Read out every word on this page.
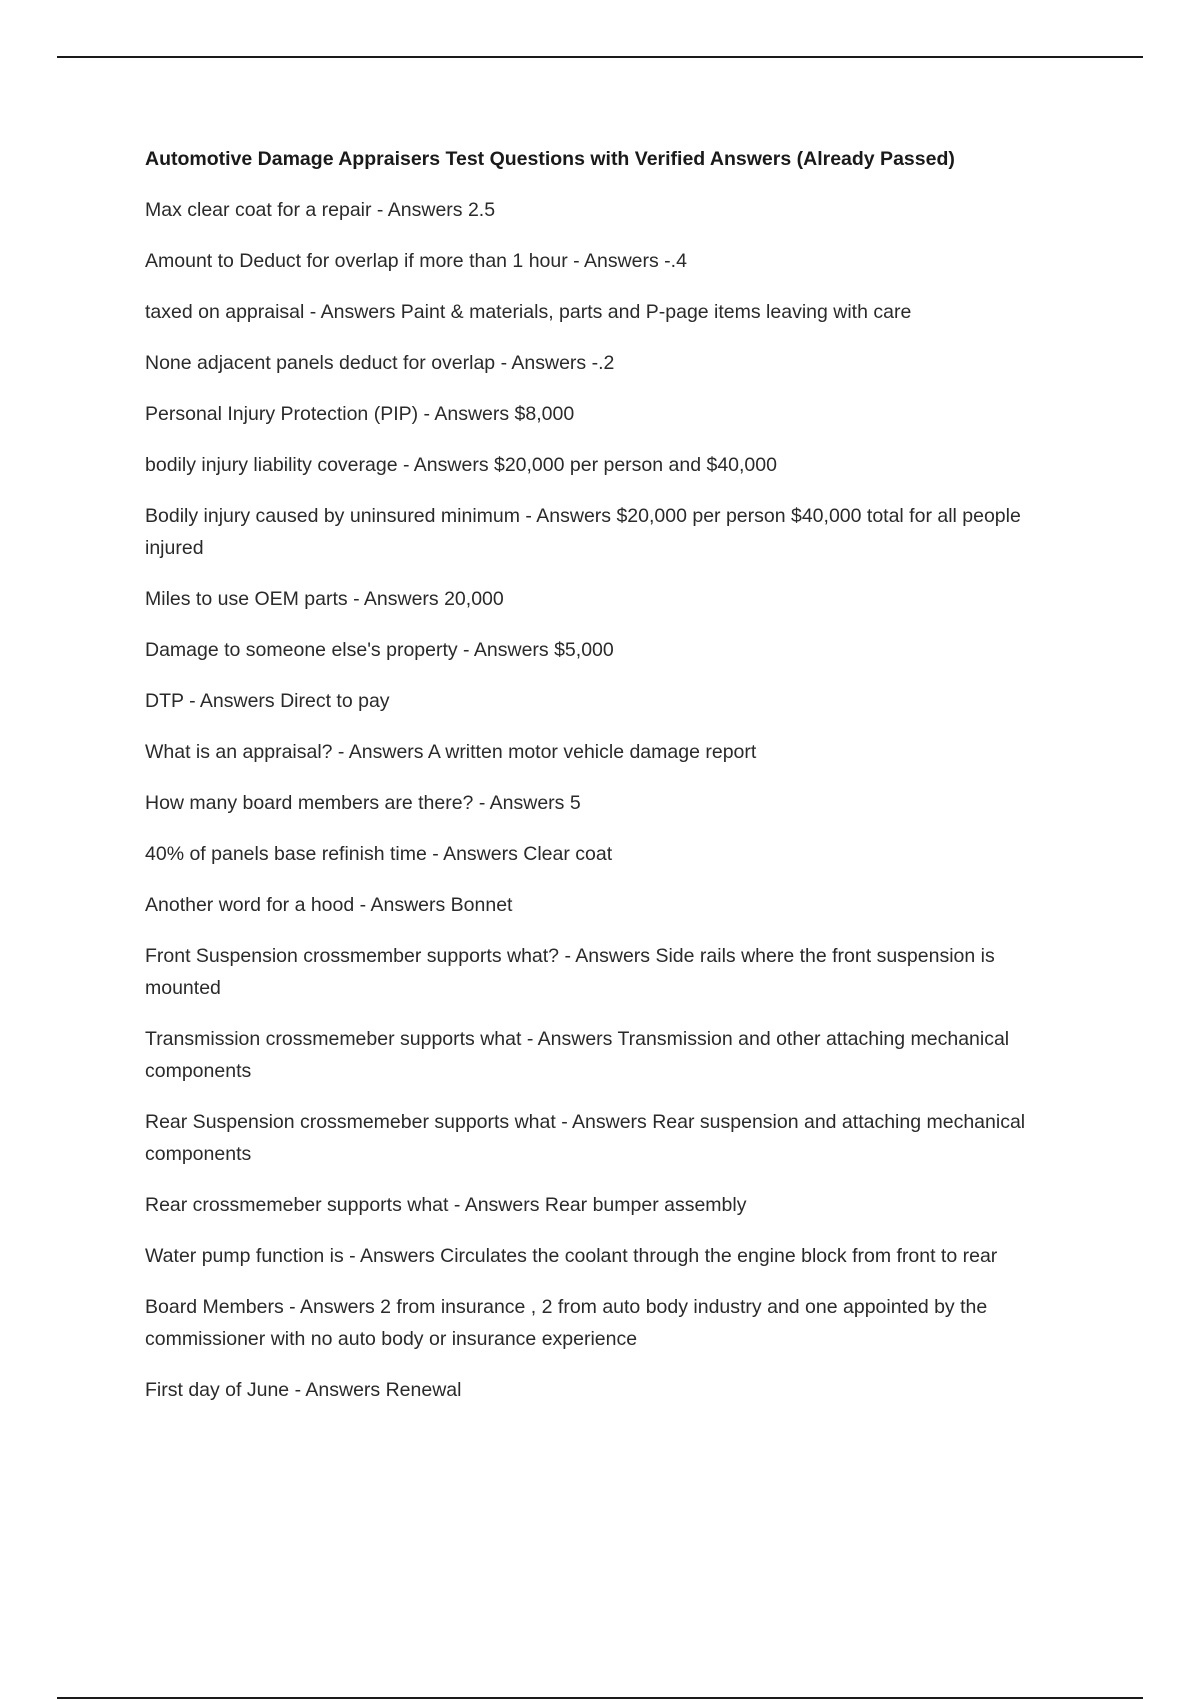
Automotive Damage Appraisers Test Questions with Verified Answers (Already Passed)
Max clear coat for a repair - Answers 2.5
Amount to Deduct for overlap if more than 1 hour - Answers -.4
taxed on appraisal - Answers Paint & materials, parts and P-page items leaving with care
None adjacent panels deduct for overlap - Answers -.2
Personal Injury Protection (PIP) - Answers $8,000
bodily injury liability coverage - Answers $20,000 per person and $40,000
Bodily injury caused by uninsured minimum - Answers $20,000 per person $40,000 total for all people injured
Miles to use OEM parts - Answers 20,000
Damage to someone else's property - Answers $5,000
DTP - Answers Direct to pay
What is an appraisal? - Answers A written motor vehicle damage report
How many board members are there? - Answers 5
40% of panels base refinish time - Answers Clear coat
Another word for a hood - Answers Bonnet
Front Suspension crossmember supports what? - Answers Side rails where the front suspension is mounted
Transmission crossmemeber supports what - Answers Transmission and other attaching mechanical components
Rear Suspension crossmemeber supports what - Answers Rear suspension and attaching mechanical components
Rear crossmemeber supports what - Answers Rear bumper assembly
Water pump function is - Answers Circulates the coolant through the engine block from front to rear
Board Members - Answers 2 from insurance , 2 from auto body industry and one appointed by the commissioner with no auto body or insurance experience
First day of June - Answers Renewal
